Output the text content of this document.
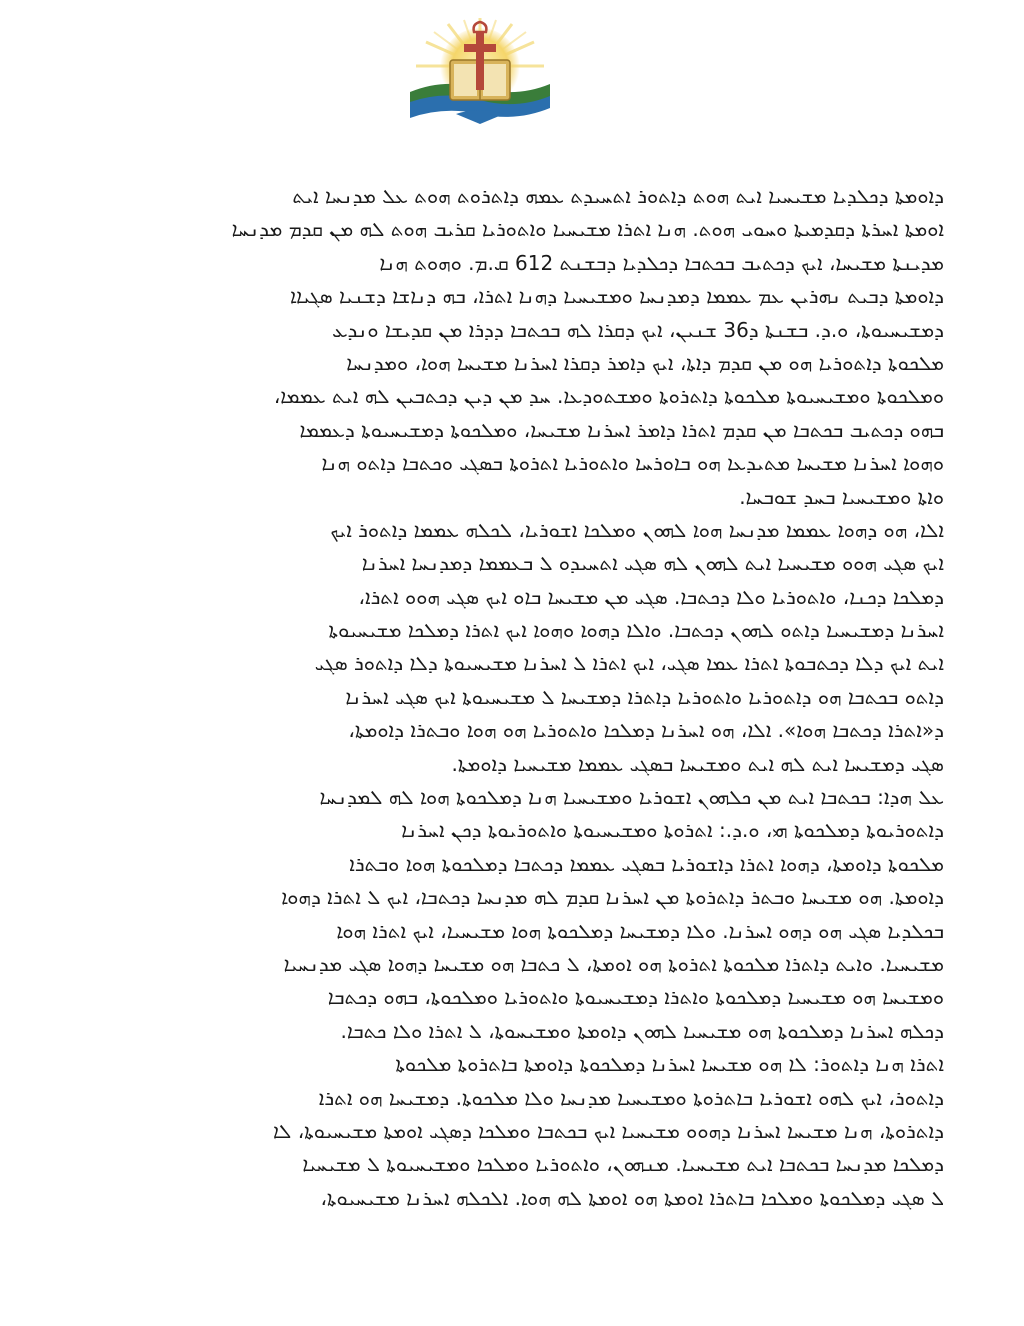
ܕܐܘܡܬܐ ܕܟܠܕܝܐ ܡܫܝܚܝܐ ܐܝܬ ܗܘܬ ܕܐܬܘܪ ܐܬܚܝܕܬ ܥܡܗ ܕܐܬܪܘܬ ܗܘܬ ܥܠ ܡܕܢܚܐ ܐܝܬ
ܐܘܡܬܐ ܐܚܪܬܐ ܕܩܕܡܝܬܐ ܘܚܘܝ ܗܘܬ. ܗܢܐ ܐܬܪܐ ܡܫܝܚܝܐ ܘܐܬܘܪܝܐ ܩܪܝܒ ܗܘܬ ܠܗ ܡܢ ܩܕܡ ܡܕܢܚܐ
ܡܕܝܢܬܐ ܡܫܝܚܐ، ܐܝܟ ܕܟܬܝܒ ܒܟܬܒܐ ܕܟܠܕܝܐ ܕܒܫܢܬ 612 ܩ.ܡ. ܘܗܘܬ ܗܢܐ
ܕܐܘܡܬܐ ܕܒܝܬ ܢܗܪܝܢ ܥܡ ܥܡܡܐ ܕܡܕܢܚܐ ܘܡܫܝܚܝܐ ܕܗܢܐ ܐܬܪܐ، ܒܗ ܕܢܐܫܐ ܕܫܢܝܐ ܣܓܝܐܐ
ܕܡܫܝܚܝܘܬܐ، ܘ.ܕ. ܒܫܢܬܐ ܕ36 ܫܢܝܢ، ܐܝܟ ܕܩܪܐ ܠܗ ܒܟܬܒܐ ܕܕܪܐ ܡܢ ܩܕܝܫܐ ܘܢܕܥ
ܡܠܟܘܬܐ ܕܐܬܘܪܝܐ ܗܘ ܡܢ ܩܕܡ ܕܐܬܐ، ܐܝܟ ܕܐܡܪ ܕܩܪܐ ܐܚܪܢܐ ܡܫܝܚܐ ܗܘܐ، ܘܡܕܢܚܐ
ܘܡܠܟܘܬܐ ܘܡܫܝܚܝܘܬܐ ܡܠܟܘܬܐ ܕܐܬܪܘܬܐ ܘܡܫܬܘܕܥܐ. ܚܕ ܡܢ ܕܝܢ ܕܟܬܒܝܢ ܠܗ ܐܝܬ ܥܡܡܐ،
ܒܗܘ ܕܟܬܝܒ ܒܟܬܒܐ ܡܢ ܩܕܡ ܐܬܪܐ ܕܐܡܪ ܐܚܪܢܐ ܡܫܝܚܐ، ܘܡܠܟܘܬܐ ܕܡܫܝܚܝܘܬܐ ܕܥܡܡܐ
ܘܗܘܐ ܐܚܪܢܐ ܡܫܝܚܐ ܡܬܝܕܥܐ ܗܘ ܒܐܘܪܚܐ ܘܐܬܘܪܝܐ ܐܬܪܘܬܐ ܒܣܓܝ ܘܟܬܒܐ ܕܐܬܘ ܗܢܐ
ܘܐܬܐ ܘܡܫܝܚܝܐ ܒܚܕ ܫܘܒܚܐ.
ܐܠܐ، ܗܘ ܕܗܘܐ ܥܡܡܐ ܡܕܢܚܐ ܗܘܐ ܠܗܘܢ ܘܡܠܟܐ ܐܫܘܪܝܐ، ܠܟܠܗ ܥܡܡܐ ܕܐܬܘܪ ܐܝܟ
ܐܝܟ ܣܓܝ ܗܘܘ ܡܫܝܚܝܐ ܐܝܬ ܠܗܘܢ ܠܗ ܣܓܝ ܐܬܚܝܕܘ ܠ ܒܥܡܡܐ ܕܡܕܢܚܐ ܐܚܪܢܐ
ܕܡܠܟܐ ܕܟܢܐ، ܘܐܬܘܪܝܐ ܘܠܐ ܕܟܬܒܐ. ܣܓܝ ܡܢ ܡܫܝܚܐ ܒܐܘ ܐܝܟ ܣܓܝ ܗܘܘ ܐܬܪܐ،
ܐܚܪܢܐ ܕܡܫܝܚܝܐ ܕܐܬܘ ܠܗܘܢ ܕܟܬܒܐ. ܘܐܠܐ ܕܗܘܐ ܘܗܘܐ ܐܝܟ ܐܬܪܐ ܕܡܠܟܐ ܡܫܝܚܝܘܬܐ
ܐܝܬ ܐܝܟ ܕܠܐ ܕܟܬܒܘܬܐ ܐܬܪܐ ܥܡܐ ܣܓܝ، ܐܝܟ ܐܬܪܐ ܠ ܐܚܪܢܐ ܡܫܝܚܝܘܬܐ ܕܠܐ ܕܐܬܘܪ ܣܓܝ
ܕܐܬܘ ܒܟܬܒܐ ܗܘ ܕܐܬܘܪܝܐ ܘܐܬܘܪܝܐ ܕܐܬܪܐ ܕܡܫܝܚܐ ܠ ܡܫܝܚܝܘܬܐ ܐܝܟ ܣܓܝ ܐܚܪܢܐ
ܕ«ܐܬܪܐ ܕܟܬܒܐ ܗܘܐ». ܐܠܐ، ܗܘ ܐܚܪܢܐ ܕܡܠܟܐ ܘܐܬܘܪܝܐ ܗܘ ܗܘܐ ܘܒܬܪܐ ܕܐܘܡܬܐ،
ܣܓܝ ܕܡܫܝܚܐ ܐܝܬ ܠܗ ܐܝܬ ܘܡܫܝܚܐ ܒܣܓܝ ܥܡܡܐ ܡܫܝܚܝܐ ܕܐܘܡܬܐ.
ܥܠ ܗܕܐ: ܒܟܬܒܐ ܐܝܬ ܡܢ ܟܠܗܘܢ ܐܫܘܪܝܐ ܘܡܫܝܚܝܐ ܗܢܐ ܕܡܠܟܘܬܐ ܗܘܐ ܠܗ ܠܡܕܢܚܐ
ܕܐܬܘܪܝܘܬܐ ܕܡܠܟܘܬܐ ܗܝ، ܘ.ܕ.: ܐܬܪܘܬܐ ܘܡܫܝܚܝܘܬܐ ܘܐܬܘܪܝܘܬܐ ܕܟܢ ܐܚܪܢܐ
ܡܠܟܘܬܐ ܕܐܘܡܬܐ، ܕܗܘܐ ܐܬܪܐ ܕܐܫܘܪܝܐ ܒܣܓܝ ܥܡܡܐ ܕܟܬܒܐ ܕܡܠܟܘܬܐ ܗܘܐ ܘܒܬܪܐ
ܕܐܘܡܬܐ. ܗܘ ܡܫܝܚܐ ܘܒܬܪ ܕܐܬܪܘܬܐ ܡܢ ܐܚܪܢܐ ܩܕܡ ܠܗ ܡܕܢܚܐ ܕܟܬܒܐ، ܐܝܟ ܠ ܐܬܪܐ ܕܗܘܐ
ܒܟܠܕܝܐ ܣܓܝ ܗܘ ܕܗܘ ܐܚܪܢܐ. ܘܠܐ ܕܡܫܝܚܐ ܕܡܠܟܘܬܐ ܗܘܐ ܡܫܝܚܝܐ، ܐܝܟ ܐܬܪܐ ܗܘܐ
ܡܫܝܚܝܐ. ܘܐܝܬ ܕܐܬܪܐ ܡܠܟܘܬܐ ܐܬܪܘܬܐ ܗܘ ܐܘܡܬܐ، ܠ ܟܬܒܐ ܗܘ ܡܫܝܚܐ ܕܗܘܐ ܣܓܝ ܡܕܢܚܝܐ
ܘܡܫܝܚܐ ܗܘ ܡܫܝܚܝܐ ܕܡܠܟܘܬܐ ܘܐܬܪܐ ܕܡܫܝܚܝܘܬܐ ܘܐܬܘܪܝܐ ܘܡܠܟܘܬܐ، ܒܗܘ ܕܟܬܒܐ
ܕܟܠܗ ܐܚܪܢܐ ܕܡܠܟܘܬܐ ܗܘ ܡܫܝܚܝܐ ܠܗܘܢ ܕܐܘܡܬܐ ܘܡܫܝܚܘܬܐ، ܠ ܐܬܪܐ ܘܠܐ ܟܬܒܐ.
ܐܬܪܐ ܗܢܐ ܕܐܬܘܪ: ܠܐ ܗܘ ܡܫܝܚܐ ܐܚܪܢܐ ܕܡܠܟܘܬܐ ܕܐܘܡܬܐ ܒܐܬܪܘܬܐ ܡܠܟܘܬܐ
ܕܐܬܘܪ، ܐܝܟ ܠܗܘ ܐܫܘܪܝܐ ܒܐܬܪܘܬܐ ܘܡܫܝܚܝܐ ܡܕܢܚܐ ܘܠܐ ܡܠܟܘܬܐ. ܕܡܫܝܚܐ ܗܘ ܐܬܪܐ
ܕܐܬܪܘܬܐ، ܗܢܐ ܡܫܝܚܐ ܐܚܪܢܐ ܕܗܘܘ ܡܫܝܚܝܐ ܐܝܟ ܒܟܬܒܐ ܘܡܠܟܐ ܕܣܓܝ ܐܘܡܬܐ ܡܫܝܚܝܘܬܐ، ܠܐ
ܕܡܠܟܐ ܡܕܢܚܐ ܒܟܬܒܐ ܐܝܬ ܡܫܝܚܝܐ. ܡܢܗܘܢ، ܘܐܬܘܪܝܐ ܘܡܠܟܐ ܘܡܫܝܚܝܘܬܐ ܠ ܡܫܝܚܝܐ
ܠ ܣܓܝ ܕܡܠܟܘܬܐ ܘܡܠܟܐ ܒܐܬܪܐ ܐܘܡܬܐ ܗܘ ܐܘܡܬܐ ܠܗ ܗܘܐ. ܐܠܟܠܗ ܐܚܪܢܐ ܡܫܝܚܝܘܬܐ،
